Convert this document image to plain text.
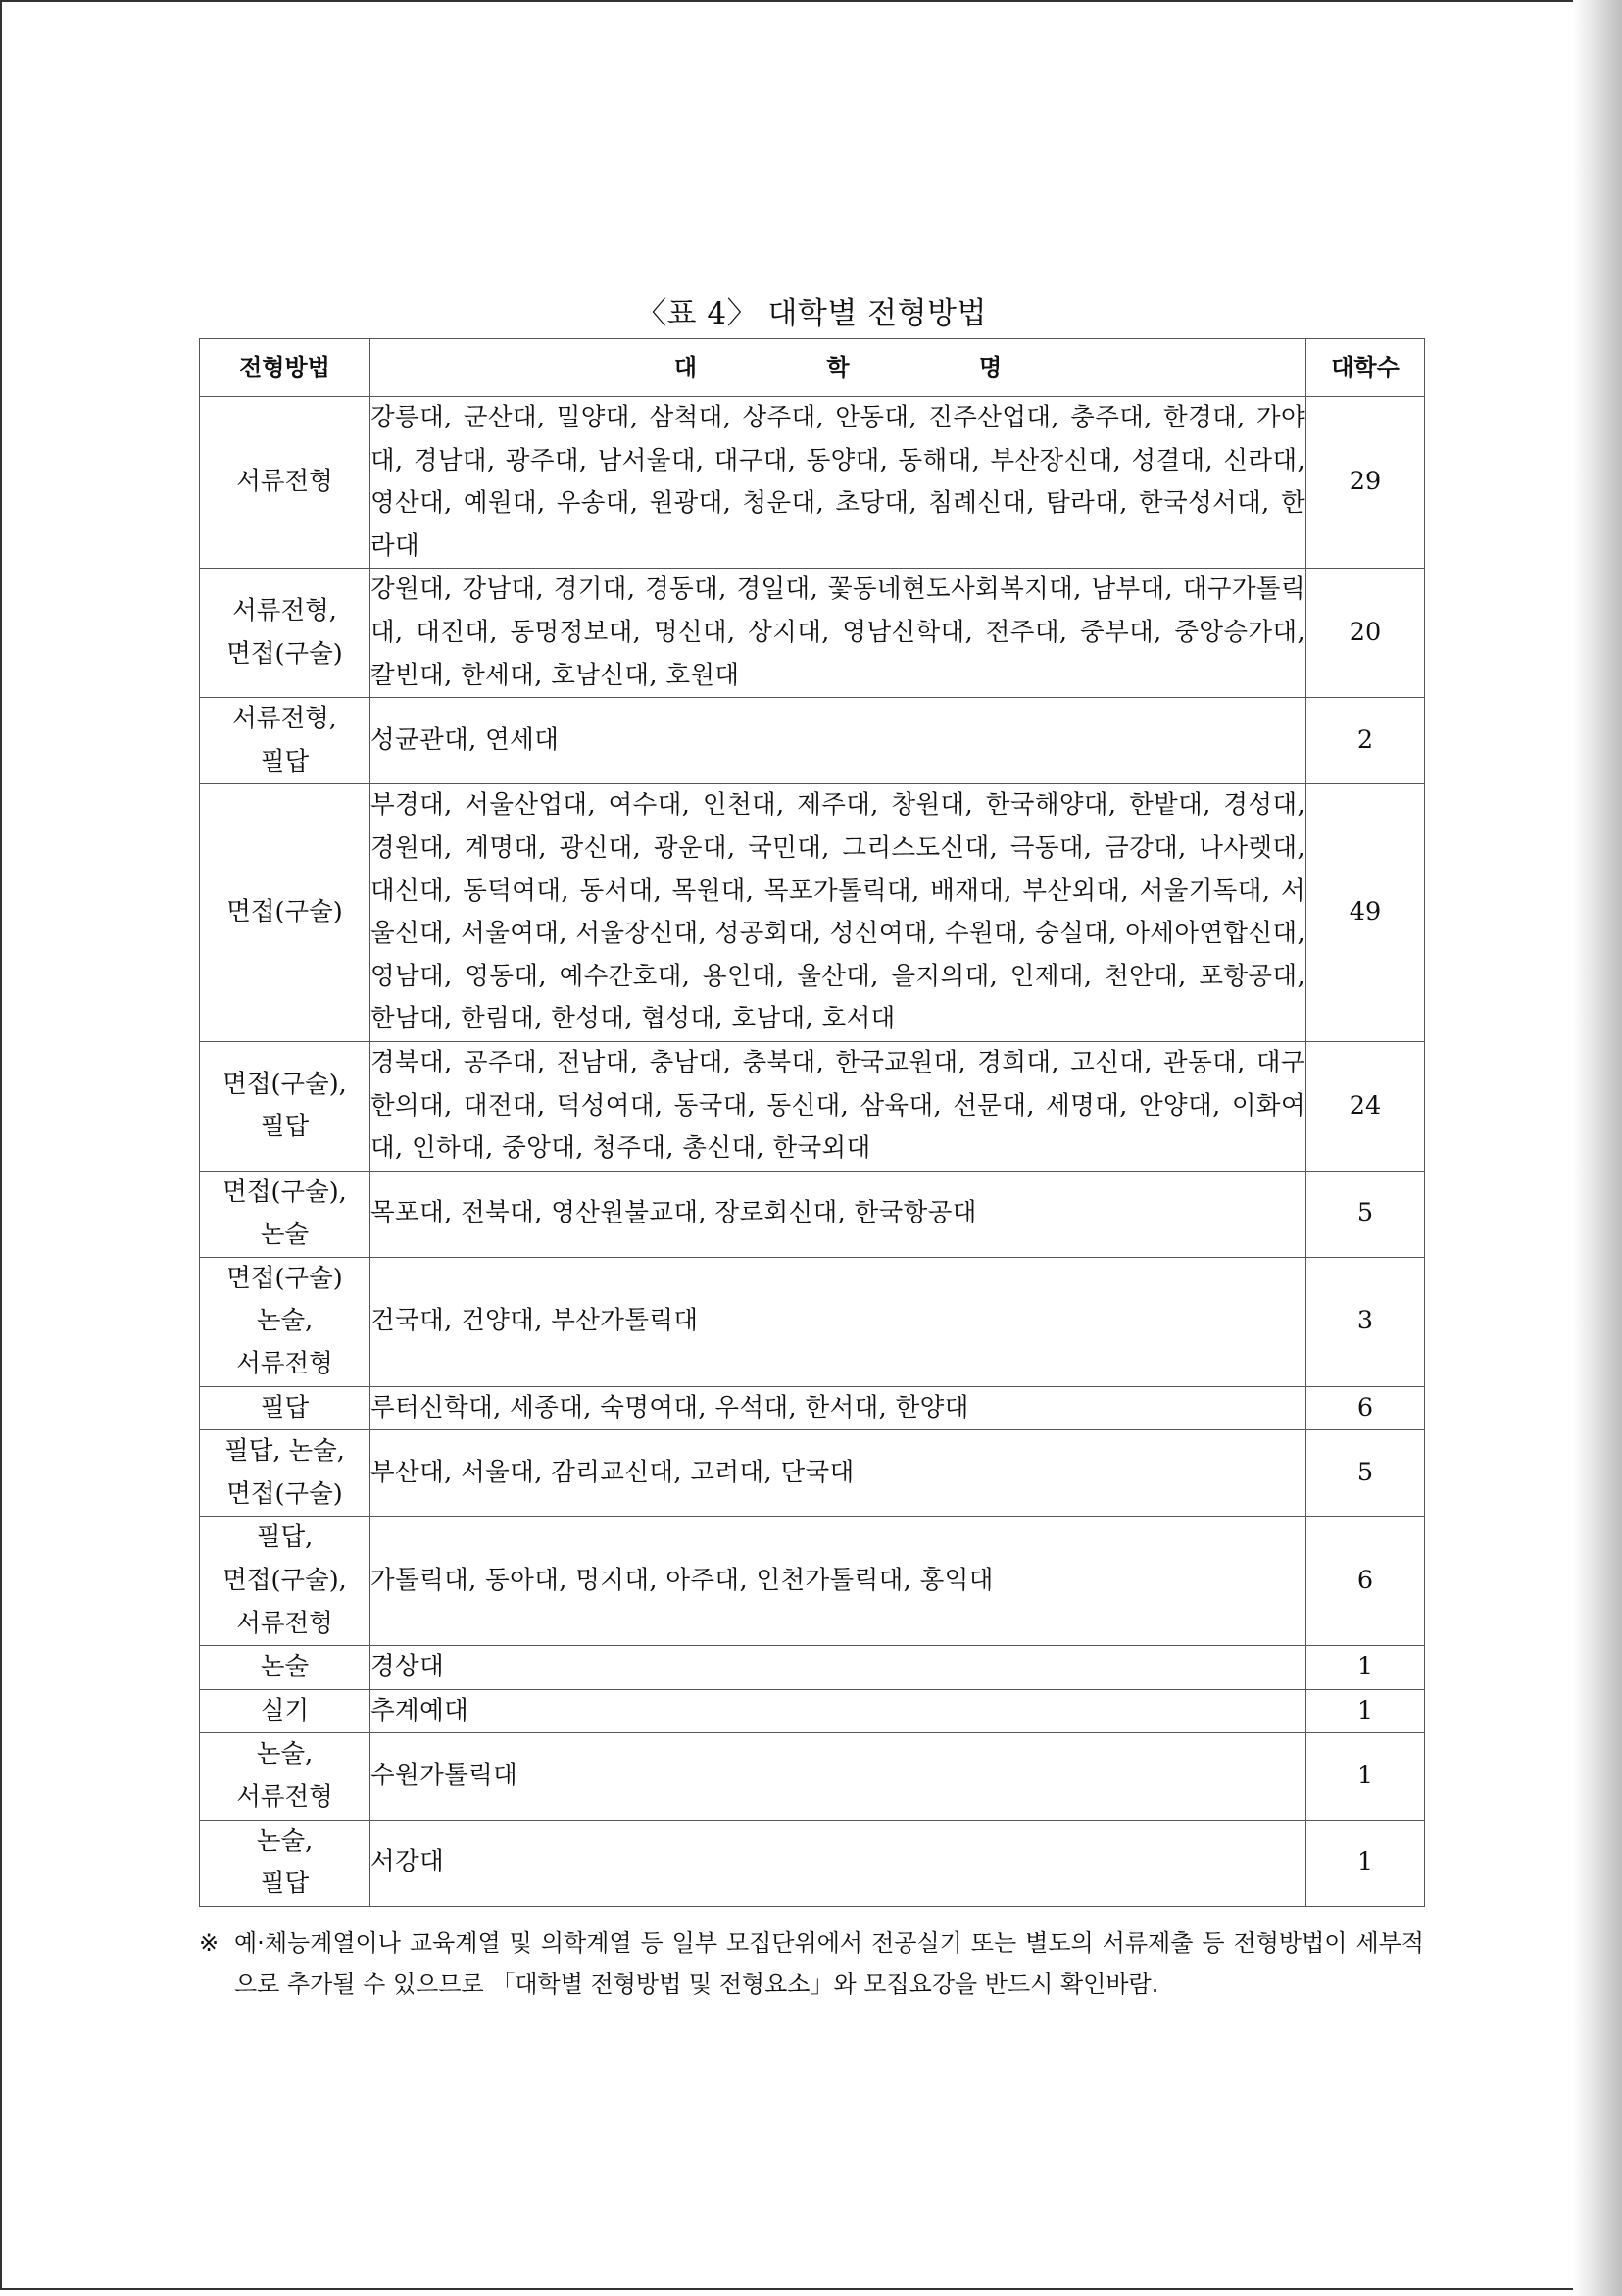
〈표 4〉 대학별 전형방법
전형방법	대 학 명	대학수

서류전형	강릉대, 군산대, 밀양대, 삼척대, 상주대, 안동대, 진주산업대, 충주대, 한경대, 가야대, 경남대, 광주대, 남서울대, 대구대, 동양대, 동해대, 부산장신대, 성결대, 신라대, 영산대, 예원대, 우송대, 원광대, 청운대, 초당대, 침례신대, 탐라대, 한국성서대, 한라대	29

서류전형,
면접(구술)	강원대, 강남대, 경기대, 경동대, 경일대, 꽃동네현도사회복지대, 남부대, 대구가톨릭대, 대진대, 동명정보대, 명신대, 상지대, 영남신학대, 전주대, 중부대, 중앙승가대, 칼빈대, 한세대, 호남신대, 호원대	20

서류전형,
필답	성균관대, 연세대	2

면접(구술)	부경대, 서울산업대, 여수대, 인천대, 제주대, 창원대, 한국해양대, 한밭대, 경성대, 경원대, 계명대, 광신대, 광운대, 국민대, 그리스도신대, 극동대, 금강대, 나사렛대, 대신대, 동덕여대, 동서대, 목원대, 목포가톨릭대, 배재대, 부산외대, 서울기독대, 서울신대, 서울여대, 서울장신대, 성공회대, 성신여대, 수원대, 숭실대, 아세아연합신대, 영남대, 영동대, 예수간호대, 용인대, 울산대, 을지의대, 인제대, 천안대, 포항공대, 한남대, 한림대, 한성대, 협성대, 호남대, 호서대	49

면접(구술),
필답	경북대, 공주대, 전남대, 충남대, 충북대, 한국교원대, 경희대, 고신대, 관동대, 대구한의대, 대전대, 덕성여대, 동국대, 동신대, 삼육대, 선문대, 세명대, 안양대, 이화여대, 인하대, 중앙대, 청주대, 총신대, 한국외대	24

면접(구술),
논술	목포대, 전북대, 영산원불교대, 장로회신대, 한국항공대	5

면접(구술)
논술,
서류전형	건국대, 건양대, 부산가톨릭대	3

필답	루터신학대, 세종대, 숙명여대, 우석대, 한서대, 한양대	6

필답, 논술,
면접(구술)	부산대, 서울대, 감리교신대, 고려대, 단국대	5

필답,
면접(구술),
서류전형	가톨릭대, 동아대, 명지대, 아주대, 인천가톨릭대, 홍익대	6

논술	경상대	1

실기	추계예대	1

논술,
서류전형	수원가톨릭대	1

논술,
필답	서강대	1
※ 예·체능계열이나 교육계열 및 의학계열 등 일부 모집단위에서 전공실기 또는 별도의 서류제출 등 전형방법이 세부적으로 추가될 수 있으므로 「대학별 전형방법 및 전형요소」와 모집요강을 반드시 확인바람.
